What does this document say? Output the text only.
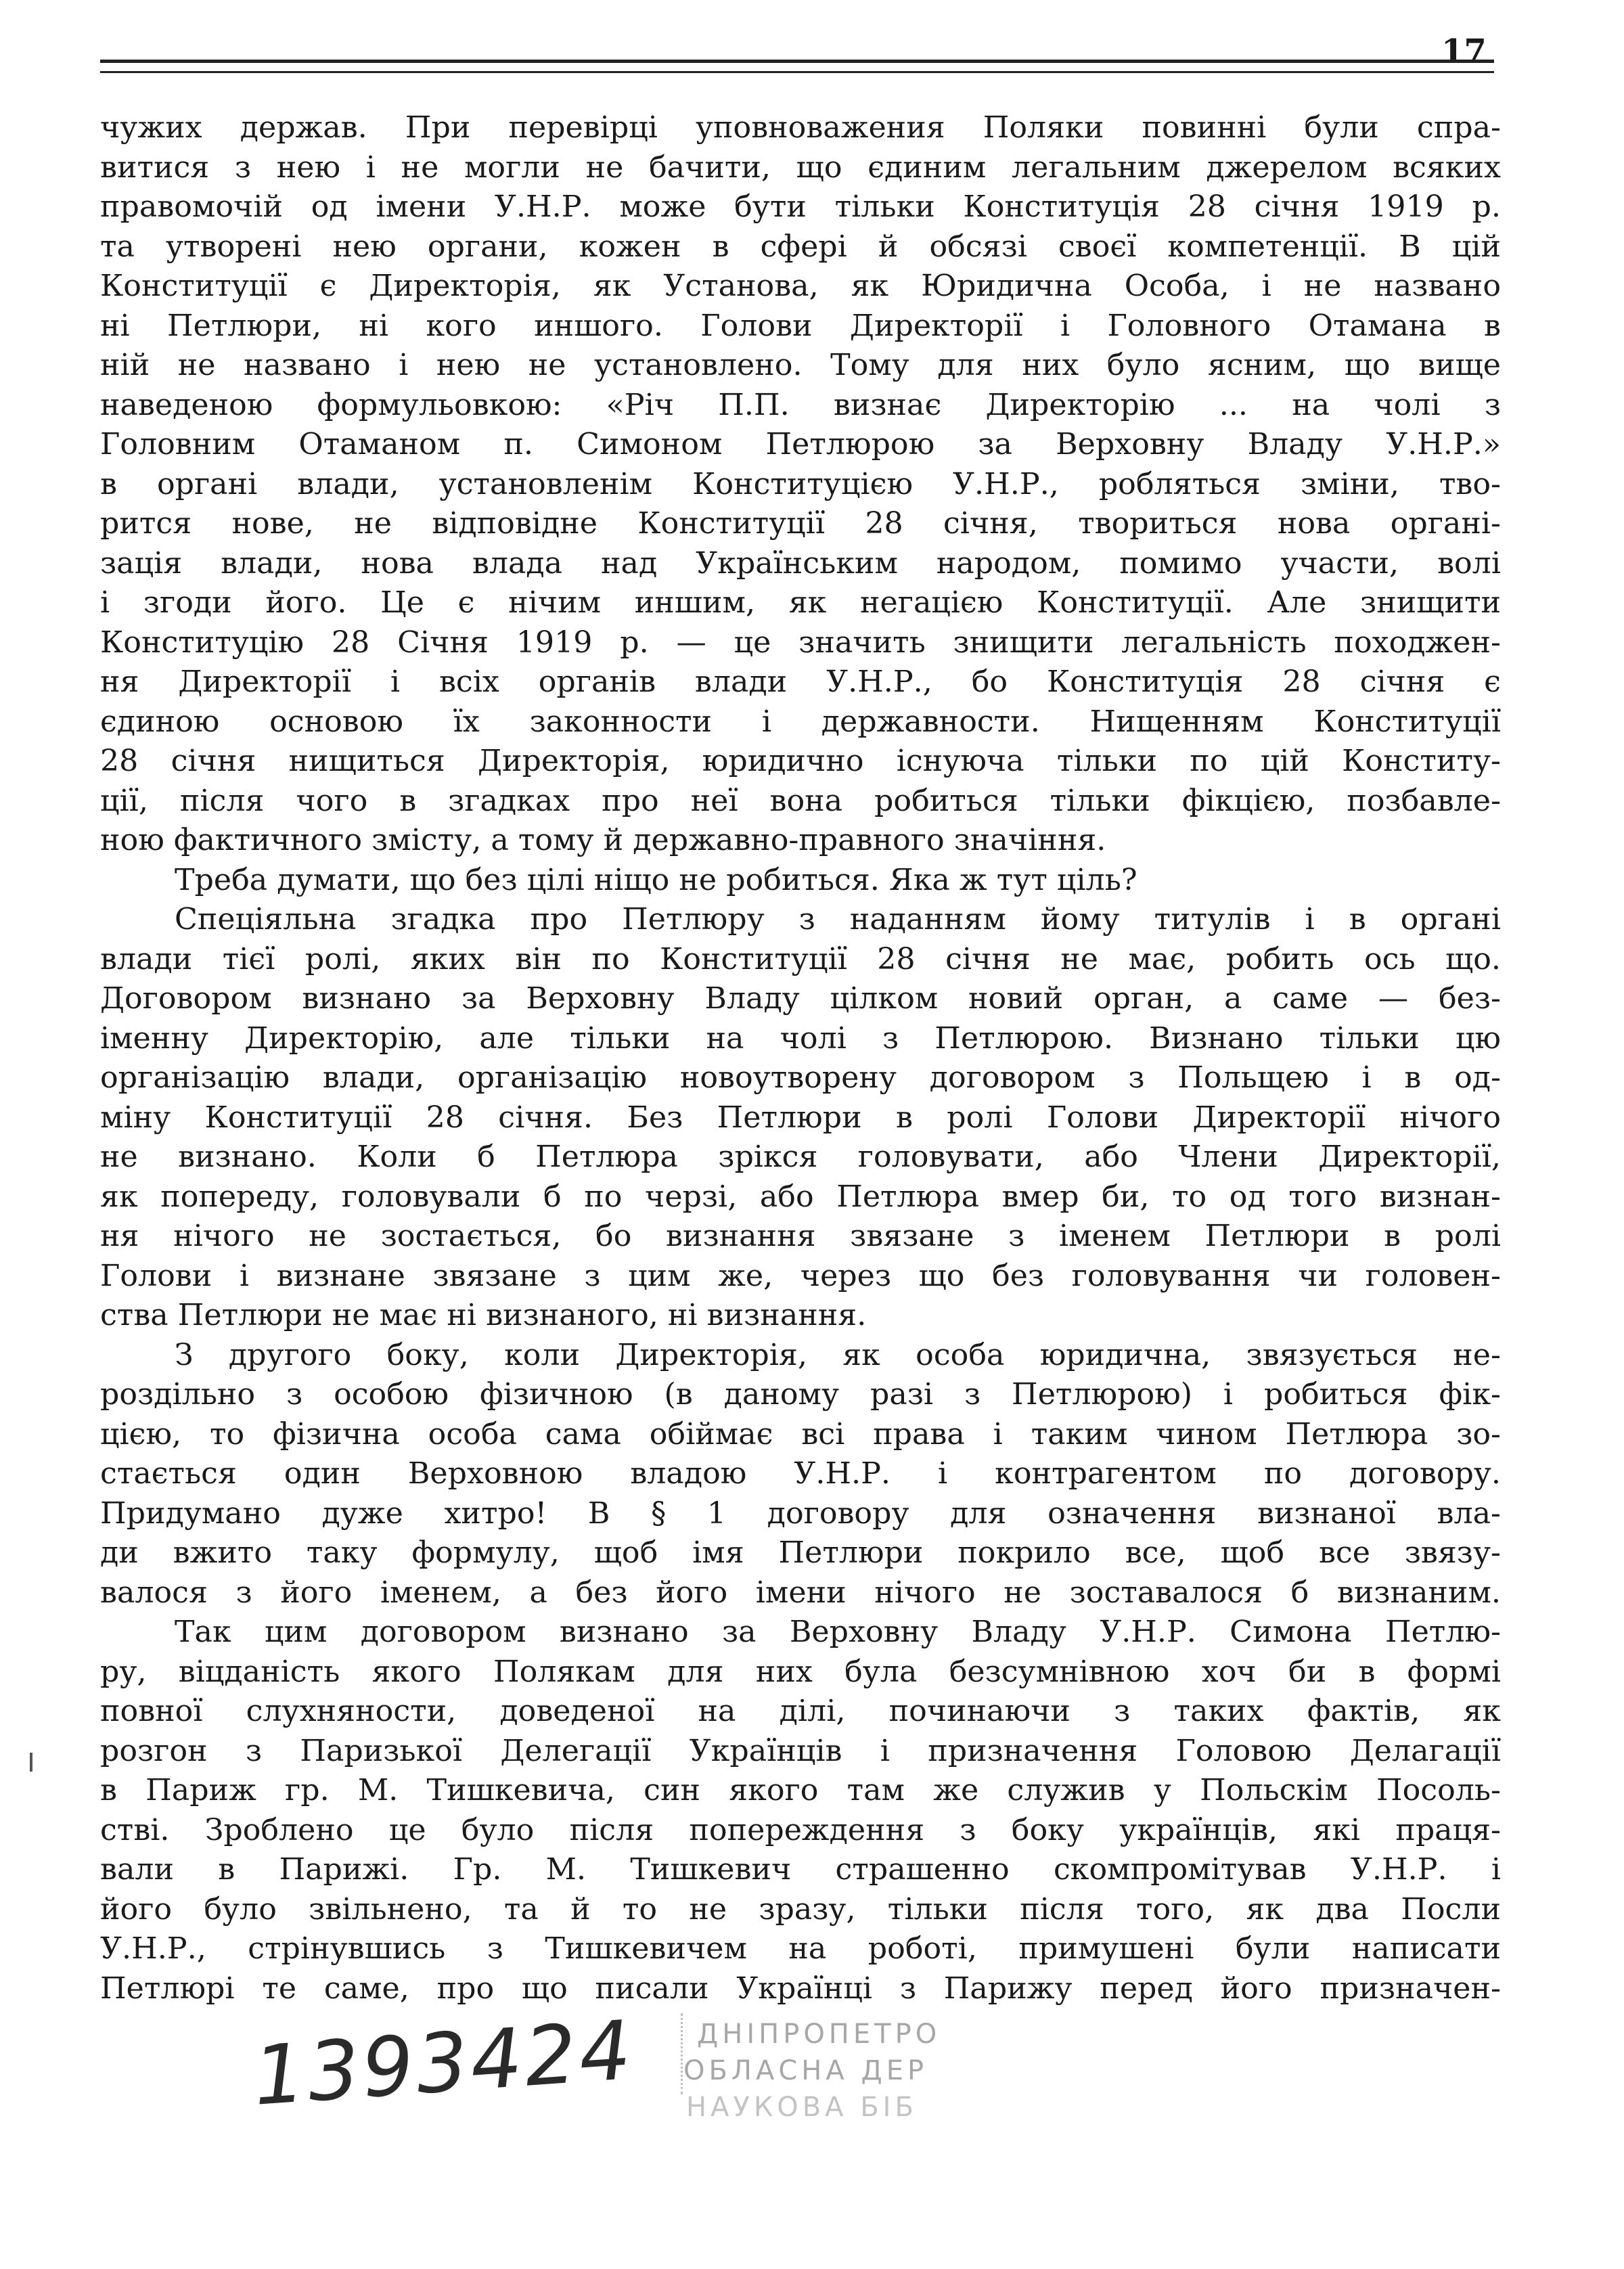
17
чужих держав. При перевірці уповноважения Поляки повинні були спра-
витися з нею і не могли не бачити, що єдиним легальним джерелом всяких
правомочій од імени У.Н.Р. може бути тільки Конституція 28 січня 1919 р.
та утворені нею органи, кожен в сфері й обсязі своєї компетенції. В цій
Конституції є Директорія, як Установа, як Юридична Особа, і не названо
ні Петлюри, ні кого иншого. Голови Директорії і Головного Отамана в
ній не названо і нею не установлено. Тому для них було ясним, що вище
наведеною формульовкою: «Річ П.П. визнає Директорію ... на чолі з
Головним Отаманом п. Симоном Петлюрою за Верховну Владу У.Н.Р.»
в органі влади, установленім Конституцією У.Н.Р., робляться зміни, тво-
рится нове, не відповідне Конституції 28 січня, твориться нова органі-
зація влади, нова влада над Українським народом, помимо участи, волі
і згоди його. Це є нічим иншим, як негацією Конституції. Але знищити
Конституцію 28 Січня 1919 р. — це значить знищити легальність походжен-
ня Директорії і всіх органів влади У.Н.Р., бо Конституція 28 січня є
єдиною основою їх законности і державности. Нищенням Конституції
28 січня нищиться Директорія, юридично існуюча тільки по цій Конститу-
ції, після чого в згадках про неї вона робиться тільки фікцією, позбавле-
ною фактичного змісту, а тому й державно-правного значіння.
Треба думати, що без цілі ніщо не робиться. Яка ж тут ціль?
Спеціяльна згадка про Петлюру з наданням йому титулів і в органі
влади тієї ролі, яких він по Конституції 28 січня не має, робить ось що.
Договором визнано за Верховну Владу цілком новий орган, а саме — без-
іменну Директорію, але тільки на чолі з Петлюрою. Визнано тільки цю
організацію влади, організацію новоутворену договором з Польщею і в од-
міну Конституції 28 січня. Без Петлюри в ролі Голови Директорії нічого
не визнано. Коли б Петлюра зрікся головувати, або Члени Директорії,
як попереду, головували б по черзі, або Петлюра вмер би, то од того визнан-
ня нічого не зостається, бо визнання звязане з іменем Петлюри в ролі
Голови і визнане звязане з цим же, через що без головування чи головен-
ства Петлюри не має ні визнаного, ні визнання.
З другого боку, коли Директорія, як особа юридична, звязується не-
роздільно з особою фізичною (в даному разі з Петлюрою) і робиться фік-
цією, то фізична особа сама обіймає всі права і таким чином Петлюра зо-
стається один Верховною владою У.Н.Р. і контрагентом по договору.
Придумано дуже хитро! В § 1 договору для означення визнаної вла-
ди вжито таку формулу, щоб імя Петлюри покрило все, щоб все звязу-
валося з його іменем, а без його імени нічого не зоставалося б визнаним.
Так цим договором визнано за Верховну Владу У.Н.Р. Симона Петлю-
ру, віцданість якого Полякам для них була безсумнівною хоч би в формі
повної слухняности, доведеної на ділі, починаючи з таких фактів, як
розгон з Паризької Делегації Українців і призначення Головою Делагації
в Париж гр. М. Тишкевича, син якого там же служив у Польскім Посоль-
стві. Зроблено це було після попереждення з боку українців, які праця-
вали в Парижі. Гр. М. Тишкевич страшенно скомпромітував У.Н.Р. і
його було звільнено, та й то не зразу, тільки після того, як два Посли
У.Н.Р., стрінувшись з Тишкевичем на роботі, примушені були написати
Петлюрі те саме, про що писали Українці з Парижу перед його призначен-
1393424 ДНІПРОПЕТРО
ОБЛАСНА ДЕР
НАУКОВА БІБ
